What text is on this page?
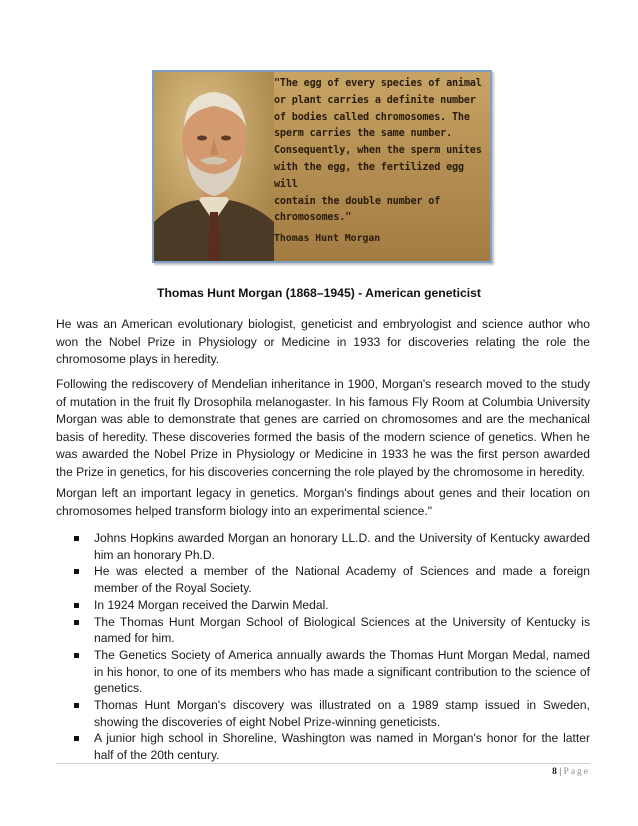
"The egg of every species of animal
or plant carries a definite number
of bodies called chromosomes. The
sperm carries the same number.
Consequently, when the sperm unites
with the egg, the fertilized egg will
contain the double number of
chromosomes."
Thomas Hunt Morgan
Thomas Hunt Morgan (1868–1945) - American geneticist
He was an American evolutionary biologist, geneticist and embryologist and science author who won the Nobel Prize in Physiology or Medicine in 1933 for discoveries relating the role the chromosome plays in heredity.
Following the rediscovery of Mendelian inheritance in 1900, Morgan's research moved to the study of mutation in the fruit fly Drosophila melanogaster. In his famous Fly Room at Columbia University Morgan was able to demonstrate that genes are carried on chromosomes and are the mechanical basis of heredity. These discoveries formed the basis of the modern science of genetics. When he was awarded the Nobel Prize in Physiology or Medicine in 1933 he was the first person awarded the Prize in genetics, for his discoveries concerning the role played by the chromosome in heredity.
Morgan left an important legacy in genetics. Morgan's findings about genes and their location on chromosomes helped transform biology into an experimental science."
Johns Hopkins awarded Morgan an honorary LL.D. and the University of Kentucky awarded him an honorary Ph.D.
He was elected a member of the National Academy of Sciences and made a foreign member of the Royal Society.
In 1924 Morgan received the Darwin Medal.
The Thomas Hunt Morgan School of Biological Sciences at the University of Kentucky is named for him.
The Genetics Society of America annually awards the Thomas Hunt Morgan Medal, named in his honor, to one of its members who has made a significant contribution to the science of genetics.
Thomas Hunt Morgan's discovery was illustrated on a 1989 stamp issued in Sweden, showing the discoveries of eight Nobel Prize-winning geneticists.
A junior high school in Shoreline, Washington was named in Morgan's honor for the latter half of the 20th century.
8 | Page
